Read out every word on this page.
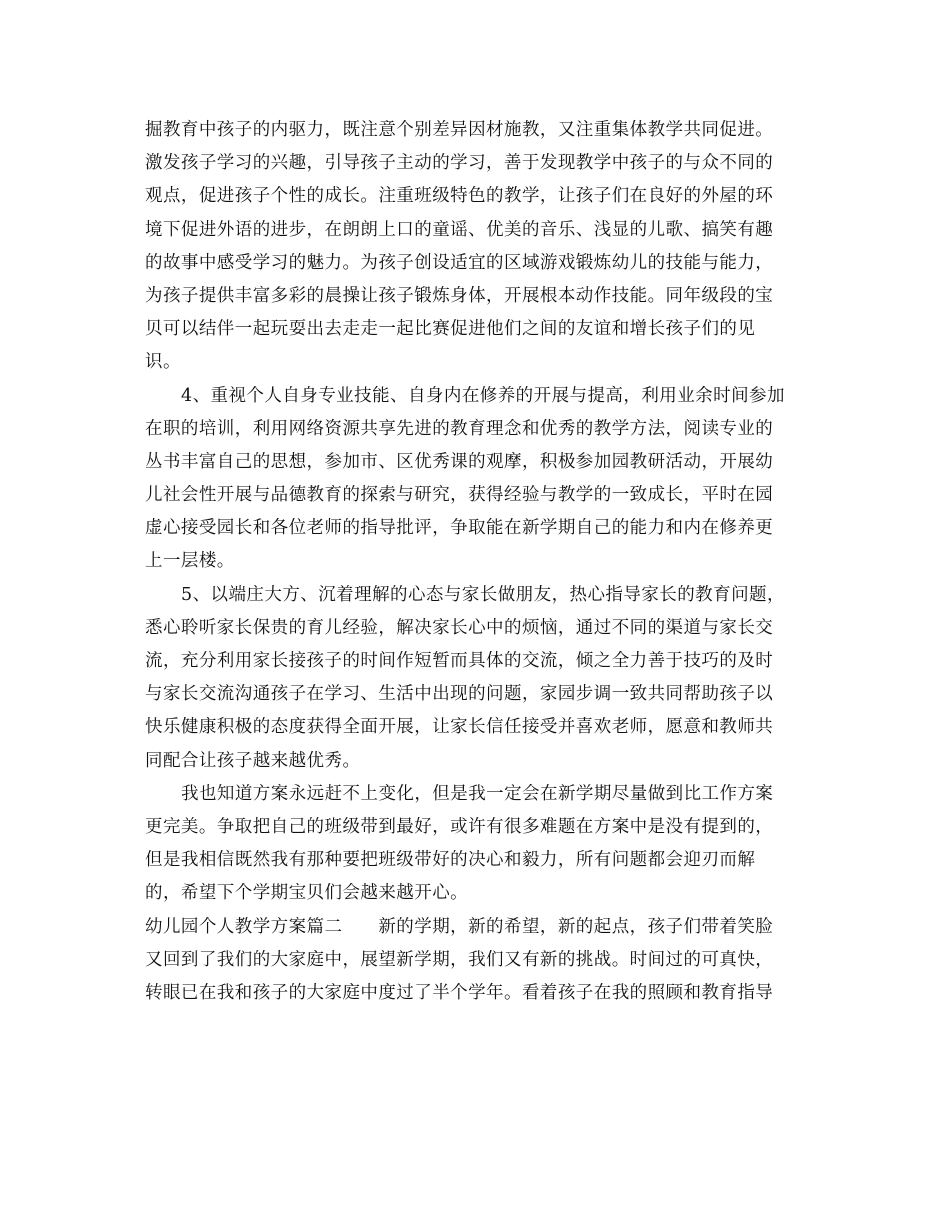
掘教育中孩子的内驱力，既注意个别差异因材施教，又注重集体教学共同促进。
激发孩子学习的兴趣，引导孩子主动的学习，善于发现教学中孩子的与众不同的
观点，促进孩子个性的成长。注重班级特色的教学，让孩子们在良好的外屋的环
境下促进外语的进步，在朗朗上口的童谣、优美的音乐、浅显的儿歌、搞笑有趣
的故事中感受学习的魅力。为孩子创设适宜的区域游戏锻炼幼儿的技能与能力，
为孩子提供丰富多彩的晨操让孩子锻炼身体，开展根本动作技能。同年级段的宝
贝可以结伴一起玩耍出去走走一起比赛促进他们之间的友谊和增长孩子们的见
识。
4、重视个人自身专业技能、自身内在修养的开展与提高，利用业余时间参加
在职的培训，利用网络资源共享先进的教育理念和优秀的教学方法，阅读专业的
丛书丰富自己的思想，参加市、区优秀课的观摩，积极参加园教研活动，开展幼
儿社会性开展与品德教育的探索与研究，获得经验与教学的一致成长，平时在园
虚心接受园长和各位老师的指导批评，争取能在新学期自己的能力和内在修养更
上一层楼。
5、以端庄大方、沉着理解的心态与家长做朋友，热心指导家长的教育问题，
悉心聆听家长保贵的育儿经验，解决家长心中的烦恼，通过不同的渠道与家长交
流，充分利用家长接孩子的时间作短暂而具体的交流，倾之全力善于技巧的及时
与家长交流沟通孩子在学习、生活中出现的问题，家园步调一致共同帮助孩子以
快乐健康积极的态度获得全面开展，让家长信任接受并喜欢老师，愿意和教师共
同配合让孩子越来越优秀。
我也知道方案永远赶不上变化，但是我一定会在新学期尽量做到比工作方案
更完美。争取把自己的班级带到最好，或许有很多难题在方案中是没有提到的，
但是我相信既然我有那种要把班级带好的决心和毅力，所有问题都会迎刃而解
的，希望下个学期宝贝们会越来越开心。
幼儿园个人教学方案篇二　　新的学期，新的希望，新的起点，孩子们带着笑脸
又回到了我们的大家庭中，展望新学期，我们又有新的挑战。时间过的可真快，
转眼已在我和孩子的大家庭中度过了半个学年。看着孩子在我的照顾和教育指导
